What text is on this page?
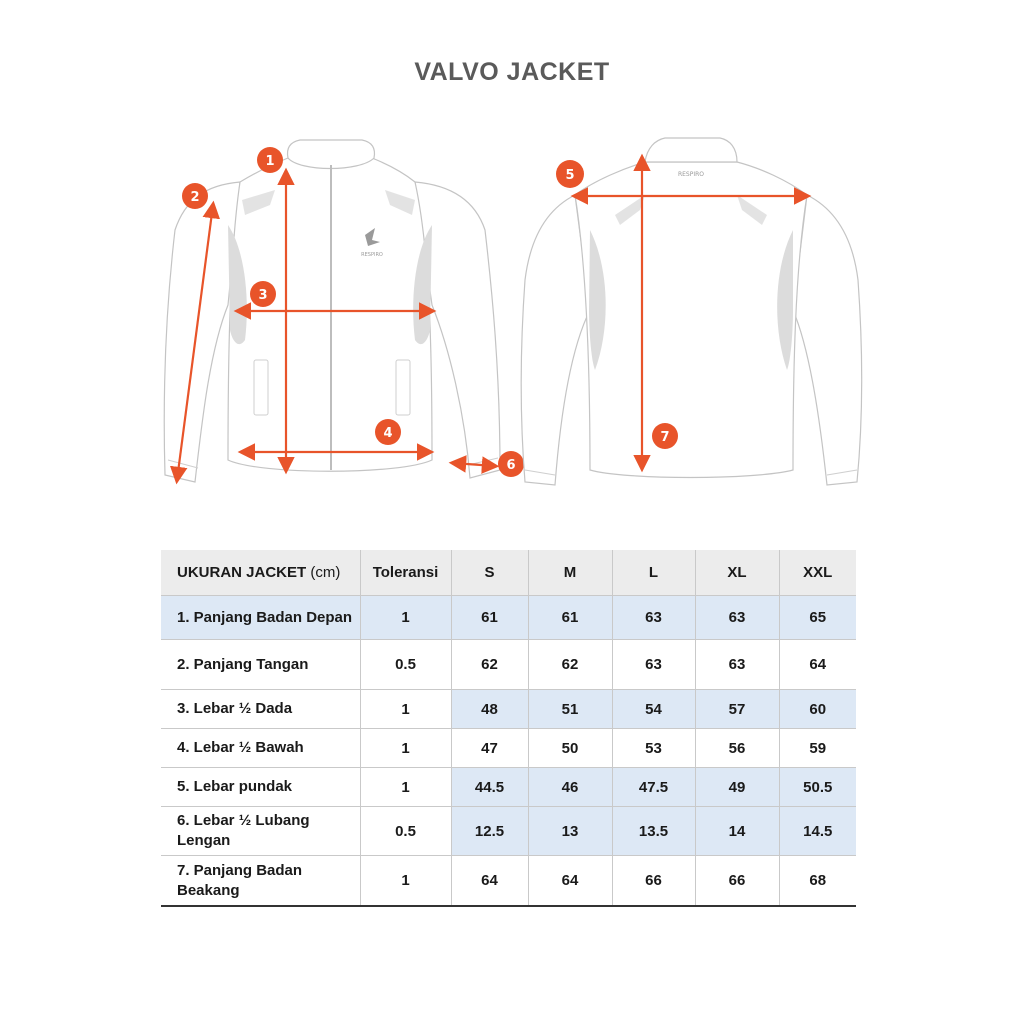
VALVO JACKET
RESPIRO
1
2
3
4
6
RESPIRO
5
7
UKURAN JACKET (cm)	Toleransi	S	M	L	XL	XXL
1. Panjang Badan Depan	1	61	61	63	63	65
2. Panjang Tangan	0.5	62	62	63	63	64
3. Lebar ½ Dada	1	48	51	54	57	60
4. Lebar ½ Bawah	1	47	50	53	56	59
5. Lebar pundak	1	44.5	46	47.5	49	50.5
6. Lebar ½ Lubang Lengan	0.5	12.5	13	13.5	14	14.5
7. Panjang Badan Beakang	1	64	64	66	66	68
